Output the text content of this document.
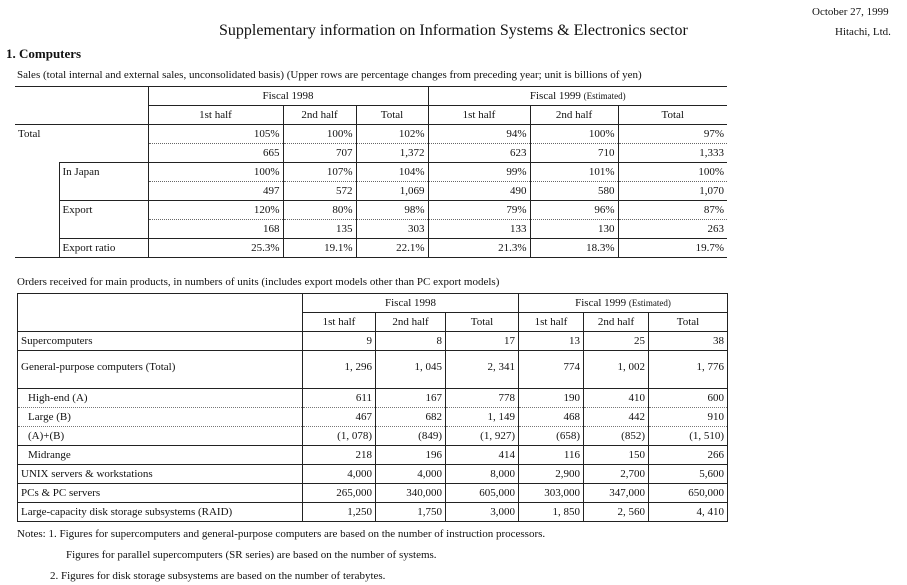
October 27, 1999
Hitachi, Ltd.
Supplementary information on Information Systems & Electronics sector
1. Computers
Sales (total internal and external sales, unconsolidated basis) (Upper rows are percentage changes from preceding year; unit is billions of yen)
		Fiscal 1998			Fiscal 1999 (Estimated)		
		1st half	2nd half	Total	1st half	2nd half	Total
Total		105%	100%	102%	94%	100%	97%
		665	707	1,372	623	710	1,333
	In Japan	100%	107%	104%	99%	101%	100%
		497	572	1,069	490	580	1,070
	Export	120%	80%	98%	79%	96%	87%
		168	135	303	133	130	263
	Export ratio	25.3%	19.1%	22.1%	21.3%	18.3%	19.7%
Orders received for main products, in numbers of units (includes export models other than PC export models)
	Fiscal 1998			Fiscal 1999 (Estimated)		
	1st half	2nd half	Total	1st half	2nd half	Total
Supercomputers	9	8	17	13	25	38
General-purpose computers (Total)	1, 296	1, 045	2, 341	774	1, 002	1, 776

High-end (A)	611	167	778	190	410	600
Large (B)	467	682	1, 149	468	442	910
(A)+(B)	(1, 078)	(849)	(1, 927)	(658)	(852)	(1, 510)
Midrange	218	196	414	116	150	266
UNIX servers & workstations	4,000	4,000	8,000	2,900	2,700	5,600
PCs & PC servers	265,000	340,000	605,000	303,000	347,000	650,000
Large-capacity disk storage subsystems (RAID)	1,250	1,750	3,000	1, 850	2, 560	4, 410
Notes: 1. Figures for supercomputers and general-purpose computers are based on the number of instruction processors.
Figures for parallel supercomputers (SR series) are based on the number of systems.
2. Figures for disk storage subsystems are based on the number of terabytes.
